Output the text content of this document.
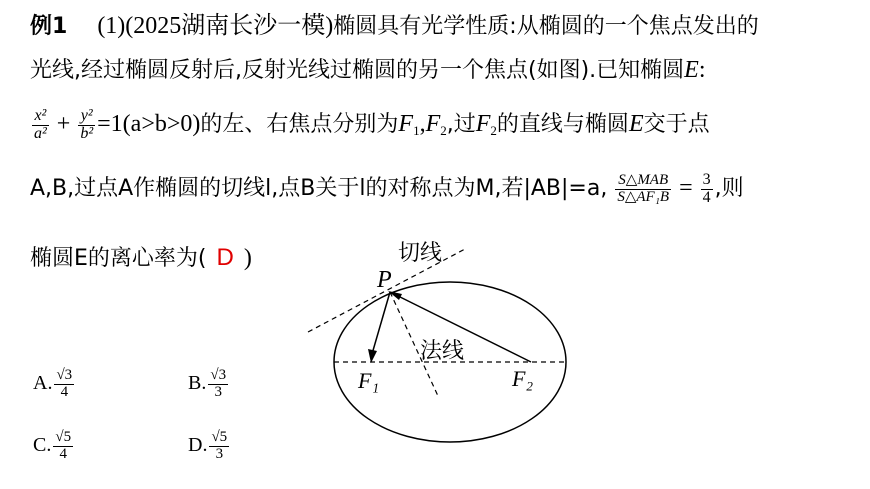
例1 (1)(2025湖南长沙一模)椭圆具有光学性质:从椭圆的一个焦点发出的
光线,经过椭圆反射后,反射光线过椭圆的另一个焦点(如图).已知椭圆E:
$\frac{\text{x²}}{\text{a²}} + \frac{\text{y²}}{\text{b²}} =1(a>b>0)$的左、右焦点分别为$F_1,F_2$,过$F_2$的直线与椭圆E交于点
A,B,过点A作椭圆的切线l,点B关于l的对称点为M,若|AB|=a, $\frac{\text{S△MAB}}{\text{S△AF₁B}} = \frac{3}{4}$ ,则
椭圆E的离心率为( D )
A. $\frac{√3}{4}$	B. $\frac{√3}{3}$
C. $\frac{√5}{4}$	D. $\frac{√5}{3}$
切线
法线
P
F₁	F₂
